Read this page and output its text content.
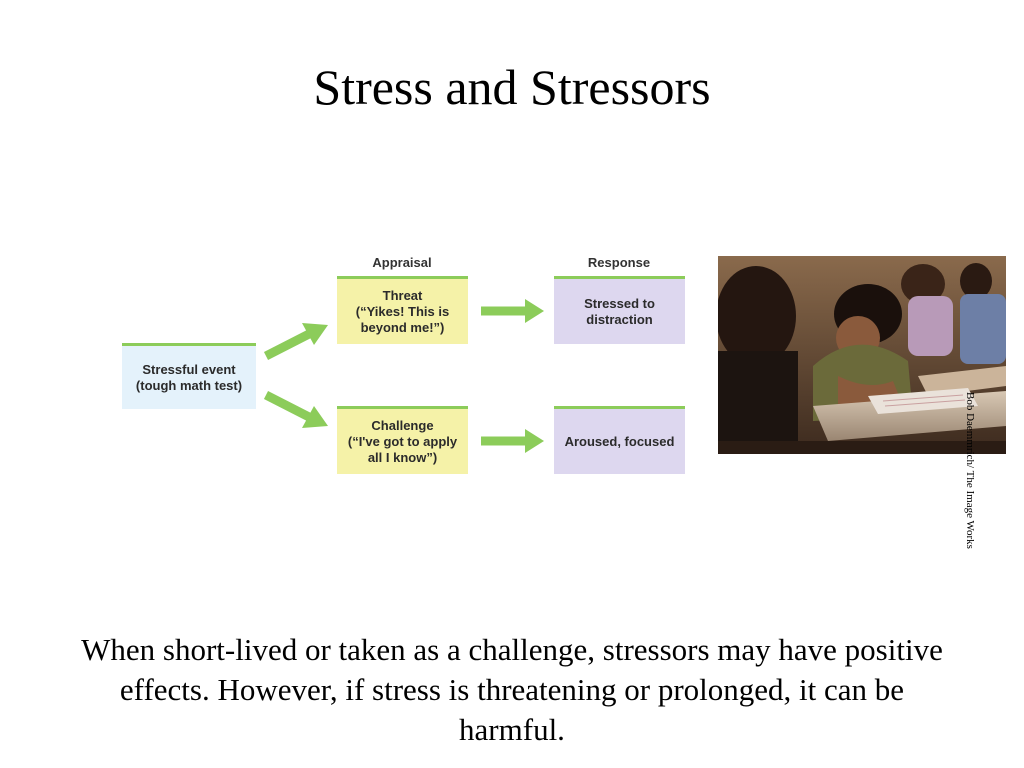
Stress and Stressors
Appraisal	Response
Stressful event
(tough math test)
Threat
(“Yikes! This is
beyond me!”)
Challenge
(“I've got to apply
all I know”)
Stressed to
distraction
Aroused, focused	Bob Daemmrich/ The Image Works
When short-lived or taken as a challenge, stressors may have positive effects. However, if stress is threatening or prolonged, it can be harmful.
